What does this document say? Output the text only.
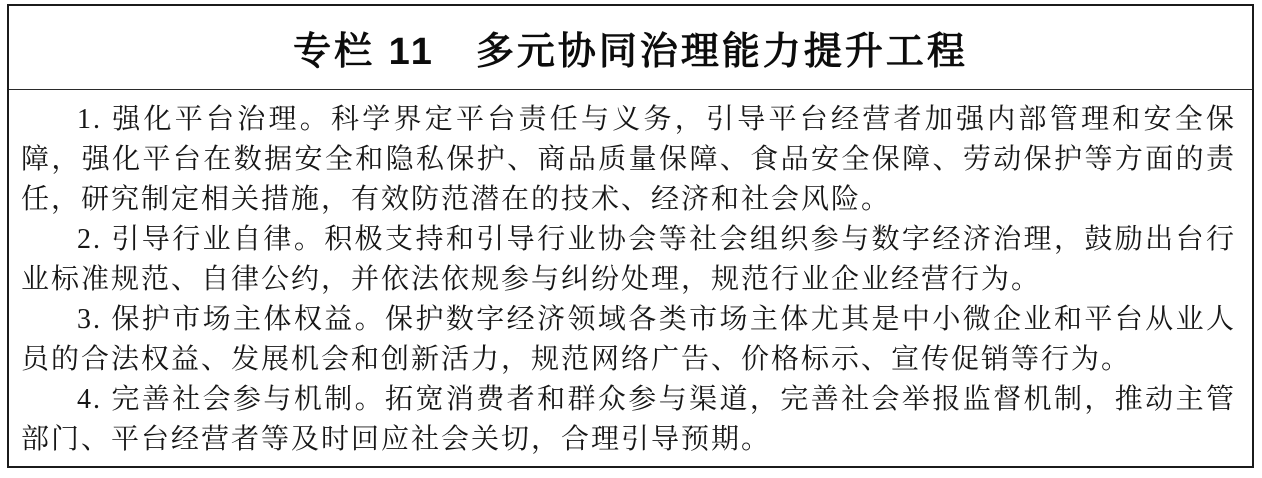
专栏 11　多元协同治理能力提升工程

1. 强化平台治理。科学界定平台责任与义务，引导平台经营者加强内部管理和安全保障，强化平台在数据安全和隐私保护、商品质量保障、食品安全保障、劳动保护等方面的责任，研究制定相关措施，有效防范潜在的技术、经济和社会风险。

2. 引导行业自律。积极支持和引导行业协会等社会组织参与数字经济治理，鼓励出台行业标准规范、自律公约，并依法依规参与纠纷处理，规范行业企业经营行为。

3. 保护市场主体权益。保护数字经济领域各类市场主体尤其是中小微企业和平台从业人员的合法权益、发展机会和创新活力，规范网络广告、价格标示、宣传促销等行为。

4. 完善社会参与机制。拓宽消费者和群众参与渠道，完善社会举报监督机制，推动主管部门、平台经营者等及时回应社会关切，合理引导预期。
